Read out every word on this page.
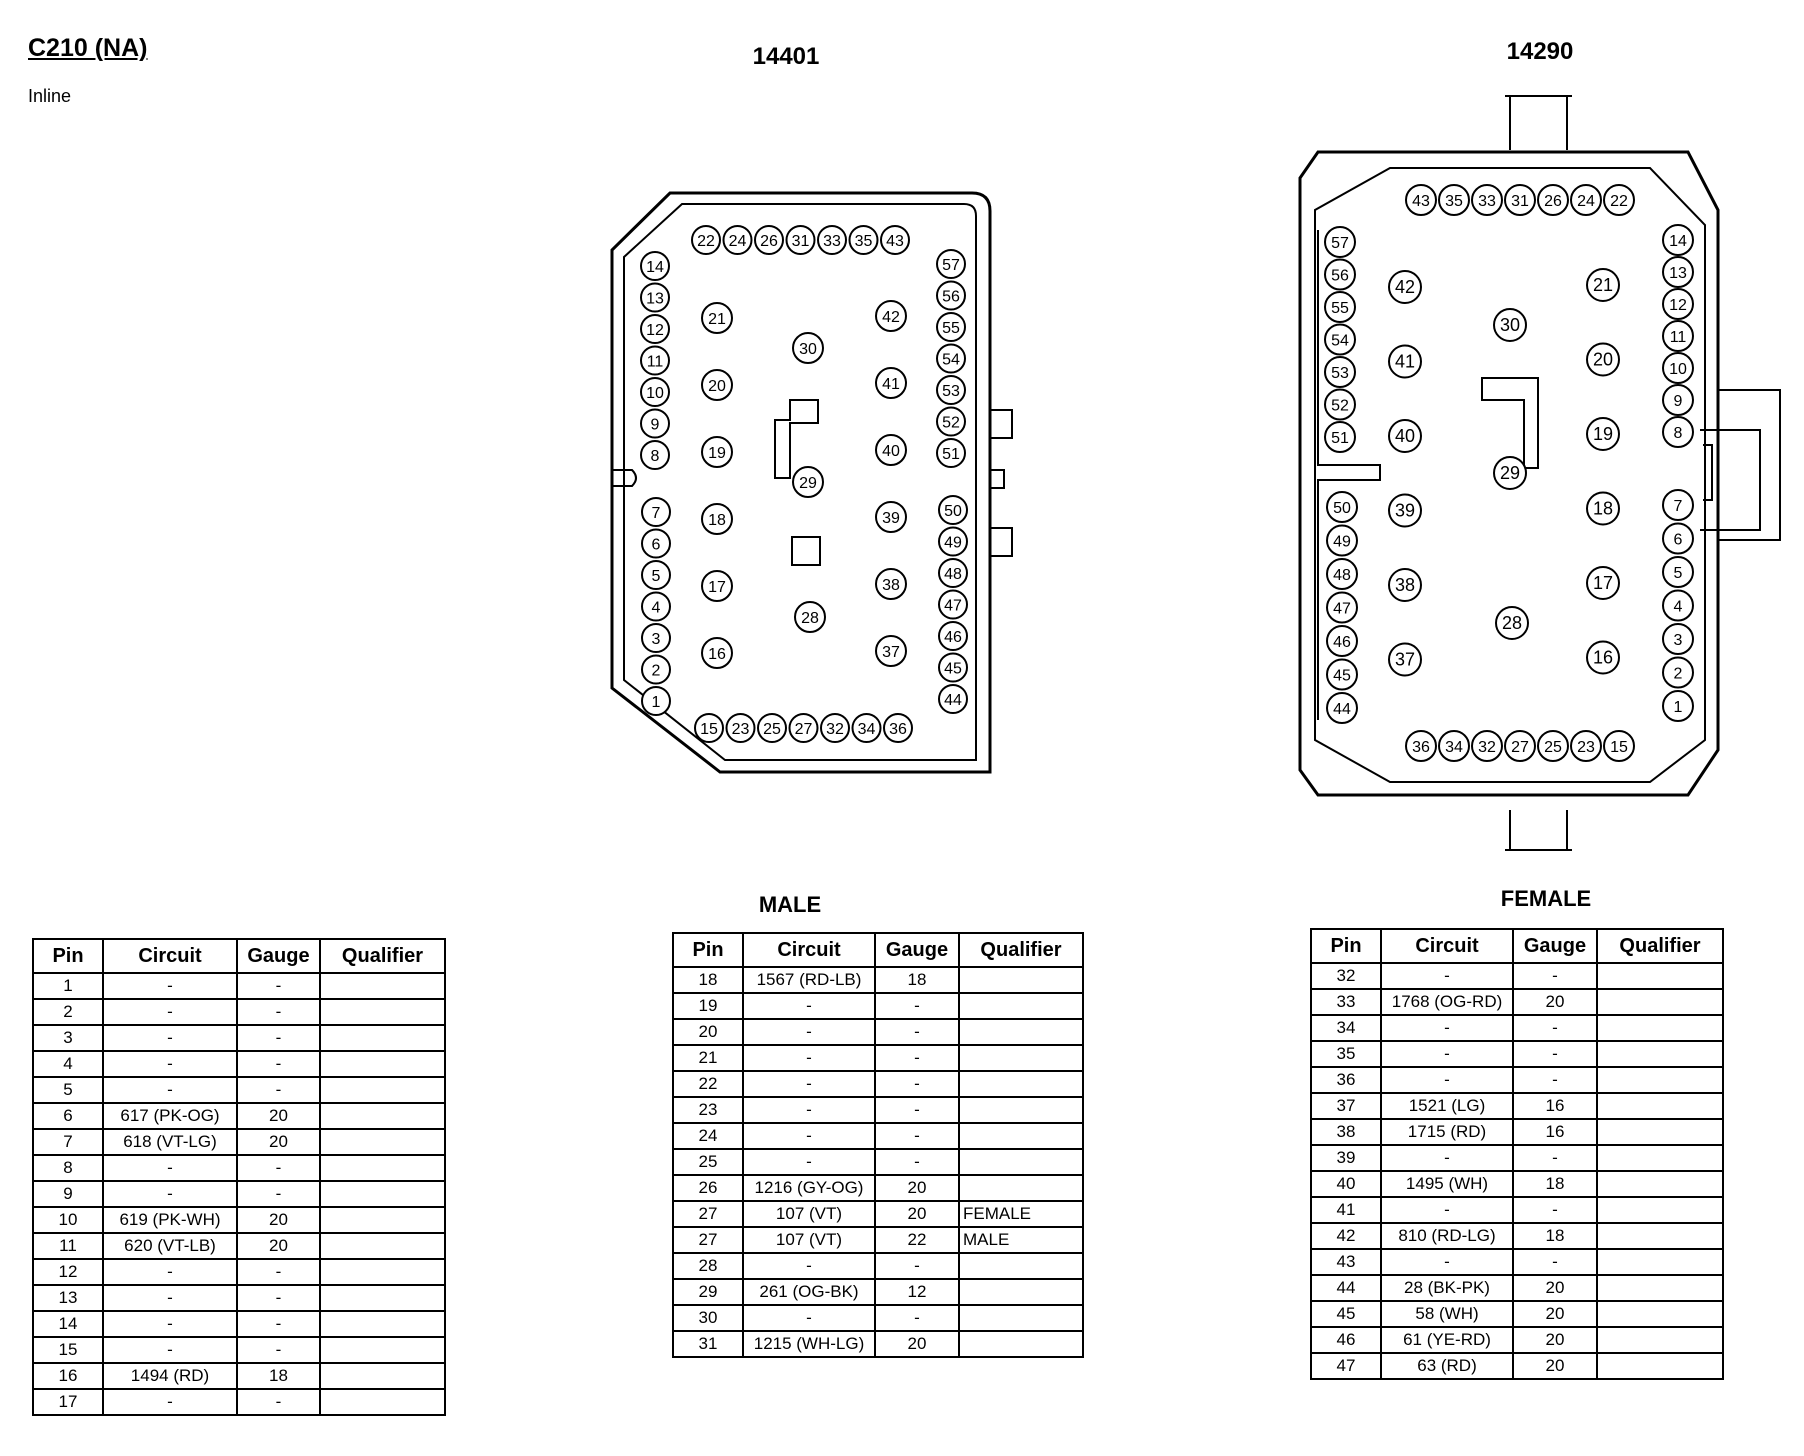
C210 (NA)
Inline
14401	14290
22 24 26 31 33 35 43
15 23 25 27 32 34 36
14
13
12
11
10
9
8
7
6
5
4
3
2
1
57
56
55
54
53
52
51
50
49
48
47
46
45
44
21
20
19
18
17
16
42
41
40
39
38
37
30
29
28
43 35 33 31 26 24 22
36 34 32 27 25 23 15
57
56
55
54
53
52
51
50
49
48
47
46
45
44
14
13
12
11
10
9
8
7
6
5
4
3
2
1
42
41
40
39
38
37
21
20
19
18
17
16
30
29
28
MALE	FEMALE
Pin	Circuit	Gauge	Qualifier
1	-	-	
2	-	-	
3	-	-	
4	-	-	
5	-	-	
6	617 (PK-OG)	20	
7	618 (VT-LG)	20	
8	-	-	
9	-	-	
10	619 (PK-WH)	20	
11	620 (VT-LB)	20	
12	-	-	
13	-	-	
14	-	-	
15	-	-	
16	1494 (RD)	18	
17	-	-	
Pin	Circuit	Gauge	Qualifier
18	1567 (RD-LB)	18	
19	-	-	
20	-	-	
21	-	-	
22	-	-	
23	-	-	
24	-	-	
25	-	-	
26	1216 (GY-OG)	20	
27	107 (VT)	20	FEMALE
27	107 (VT)	22	MALE
28	-	-	
29	261 (OG-BK)	12	
30	-	-	
31	1215 (WH-LG)	20	
Pin	Circuit	Gauge	Qualifier
32	-	-	
33	1768 (OG-RD)	20	
34	-	-	
35	-	-	
36	-	-	
37	1521 (LG)	16	
38	1715 (RD)	16	
39	-	-	
40	1495 (WH)	18	
41	-	-	
42	810 (RD-LG)	18	
43	-	-	
44	28 (BK-PK)	20	
45	58 (WH)	20	
46	61 (YE-RD)	20	
47	63 (RD)	20	
